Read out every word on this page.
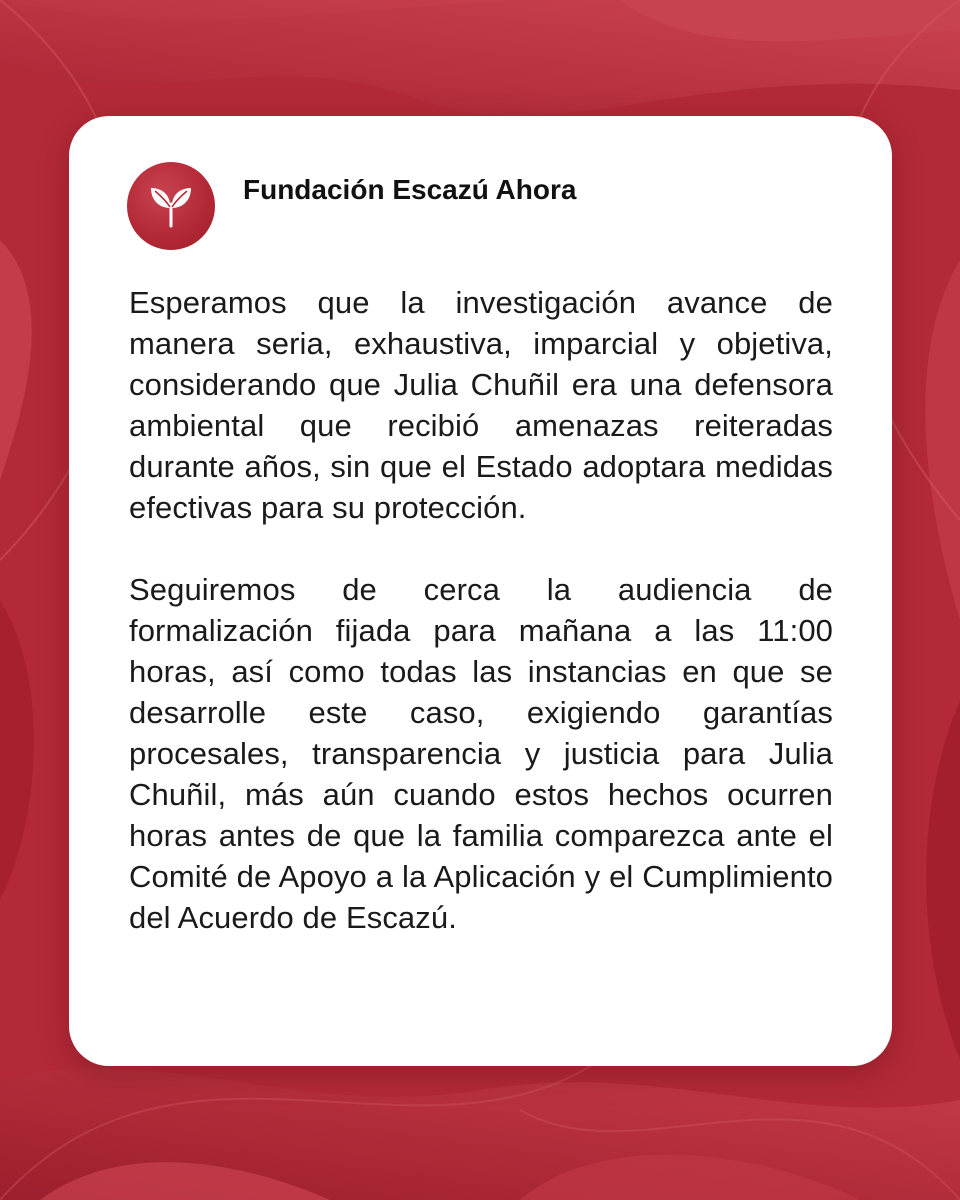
Fundación Escazú Ahora

Esperamos que la investigación avance de manera seria, exhaustiva, imparcial y objetiva, considerando que Julia Chuñil era una defensora ambiental que recibió amenazas reiteradas durante años, sin que el Estado adoptara medidas efectivas para su protección.

Seguiremos de cerca la audiencia de formalización fijada para mañana a las 11:00 horas, así como todas las instancias en que se desarrolle este caso, exigiendo garantías procesales, transparencia y justicia para Julia Chuñil, más aún cuando estos hechos ocurren horas antes de que la familia comparezca ante el Comité de Apoyo a la Aplicación y el Cumplimiento del Acuerdo de Escazú.
